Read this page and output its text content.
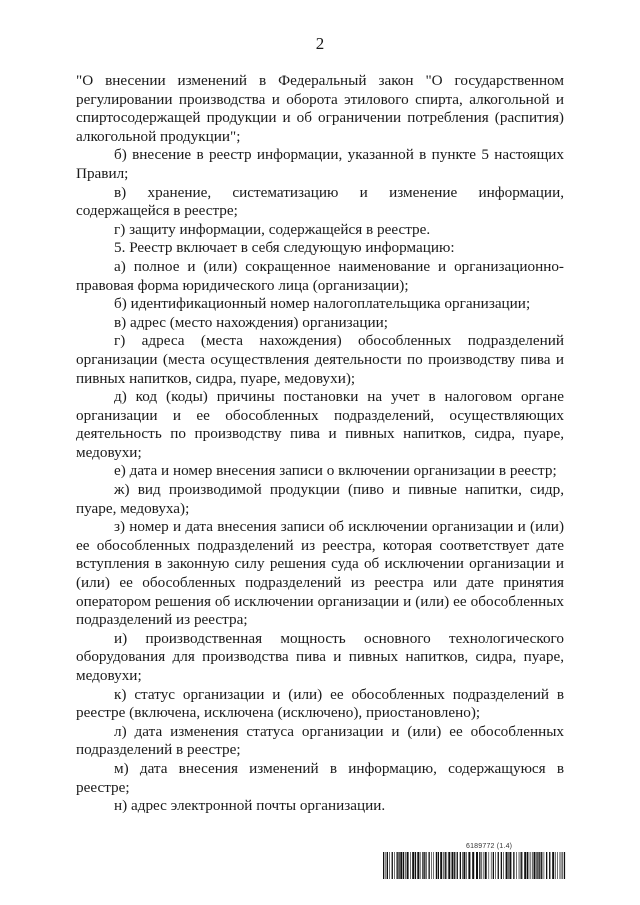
2

"О внесении изменений в Федеральный закон "О государственном регулировании производства и оборота этилового спирта, алкогольной и спиртосодержащей продукции и об ограничении потребления (распития) алкогольной продукции";

б) внесение в реестр информации, указанной в пункте 5 настоящих Правил;

в) хранение, систематизацию и изменение информации, содержащейся в реестре;

г) защиту информации, содержащейся в реестре.

5. Реестр включает в себя следующую информацию:

а) полное и (или) сокращенное наименование и организационно-правовая форма юридического лица (организации);

б) идентификационный номер налогоплательщика организации;

в) адрес (место нахождения) организации;

г) адреса (места нахождения) обособленных подразделений организации (места осуществления деятельности по производству пива и пивных напитков, сидра, пуаре, медовухи);

д) код (коды) причины постановки на учет в налоговом органе организации и ее обособленных подразделений, осуществляющих деятельность по производству пива и пивных напитков, сидра, пуаре, медовухи;

е) дата и номер внесения записи о включении организации в реестр;

ж) вид производимой продукции (пиво и пивные напитки, сидр, пуаре, медовуха);

з) номер и дата внесения записи об исключении организации и (или) ее обособленных подразделений из реестра, которая соответствует дате вступления в законную силу решения суда об исключении организации и (или) ее обособленных подразделений из реестра или дате принятия оператором решения об исключении организации и (или) ее обособленных подразделений из реестра;

и) производственная мощность основного технологического оборудования для производства пива и пивных напитков, сидра, пуаре, медовухи;

к) статус организации и (или) ее обособленных подразделений в реестре (включена, исключена (исключено), приостановлено);

л) дата изменения статуса организации и (или) ее обособленных подразделений в реестре;

м) дата внесения изменений в информацию, содержащуюся в реестре;

н) адрес электронной почты организации.

6189772 (1.4)
